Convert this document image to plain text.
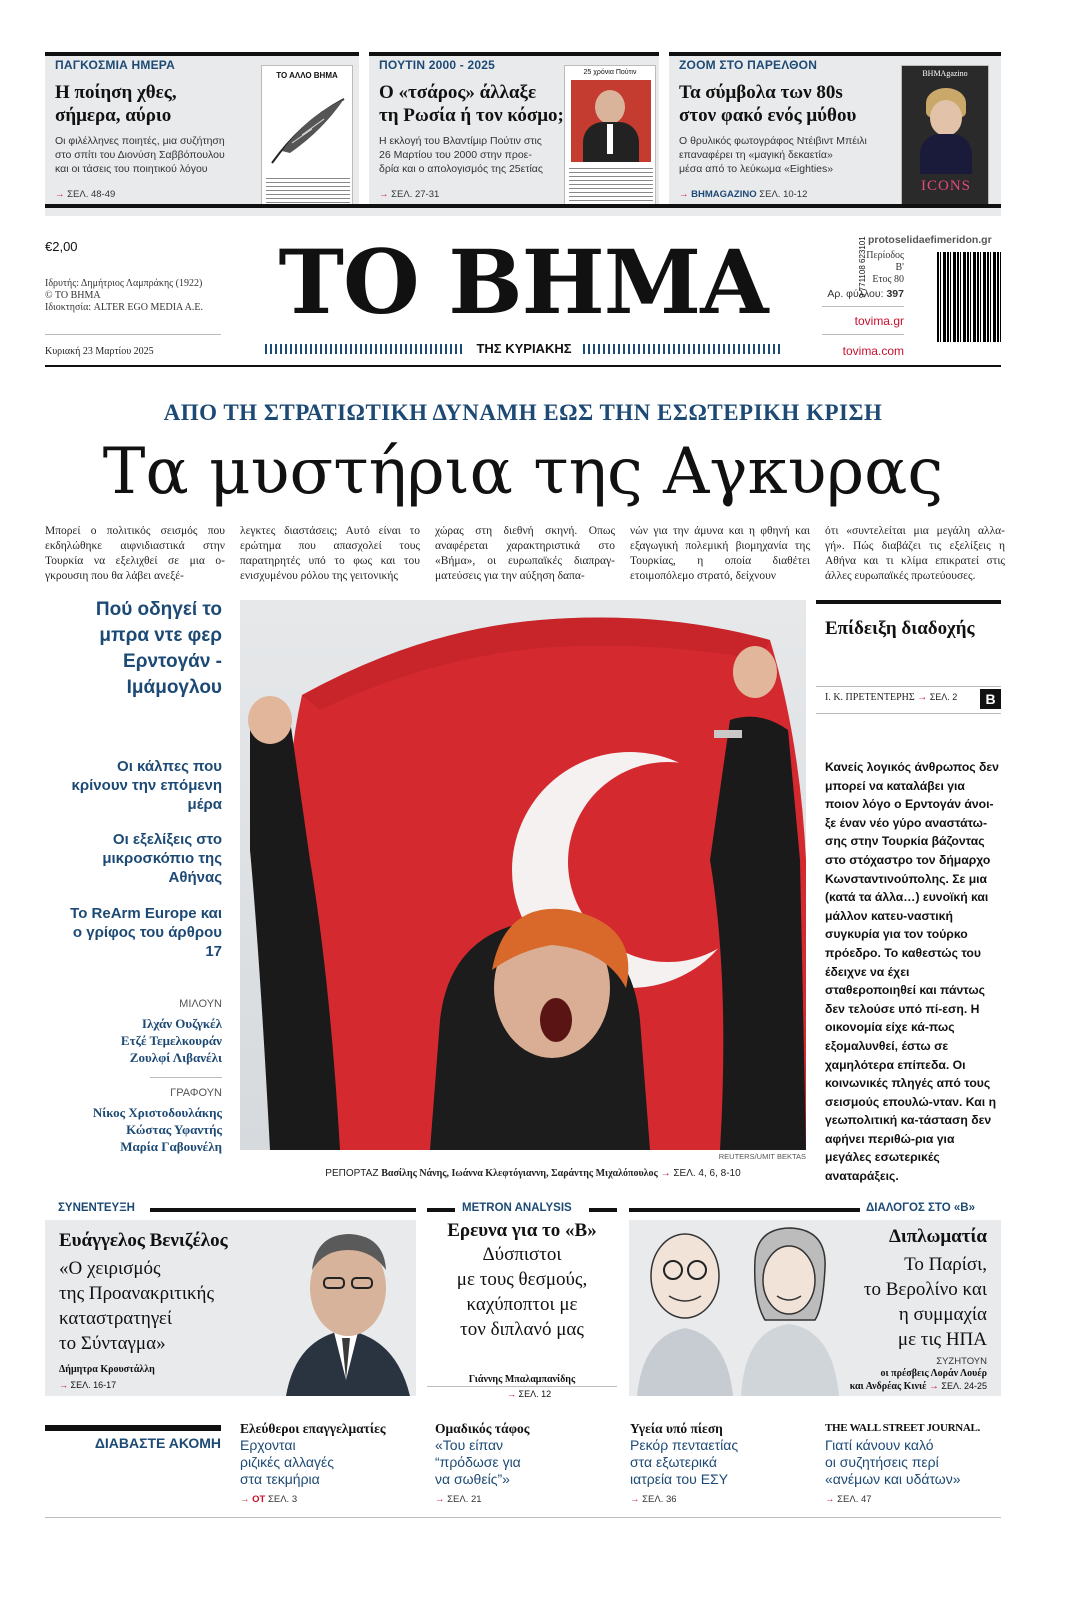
ΠΑΓΚΟΣΜΙΑ ΗΜΕΡΑ
Η ποίηση χθες,
σήμερα, αύριο
Οι φιλέλληνες ποιητές, μια συζήτηση
στο σπίτι του Διονύση Σαββόπουλου
και οι τάσεις του ποιητικού λόγου
→ ΣΕΛ. 48-49
ΤΟ ΑΛΛΟ ΒΗΜΑ
ΠΟΥΤΙΝ 2000 - 2025
Ο «τσάρος» άλλαξε
τη Ρωσία ή τον κόσμο;
Η εκλογή του Βλαντίμιρ Πούτιν στις
26 Μαρτίου του 2000 στην προε-
δρία και ο απολογισμός της 25ετίας
→ ΣΕΛ. 27-31
25 χρόνια Πούτιν
ΖΟΟΜ ΣΤΟ ΠΑΡΕΛΘΟΝ
Τα σύμβολα των 80s
στον φακό ενός μύθου
Ο θρυλικός φωτογράφος Ντέιβιντ Μπέιλι
επαναφέρει τη «μαγική δεκαετία»
μέσα από το λεύκωμα «Eighties»
→ ΒΗΜΑGAZINO ΣΕΛ. 10-12
ΒΗΜΑgazino
ICONS
€2,00
Ιδρυτής: Δημήτριος Λαμπράκης (1922)
© ΤΟ ΒΗΜΑ
Ιδιοκτησία: ALTER EGO MEDIA A.E.
Κυριακή 23 Μαρτίου 2025
ΤΟ ΒΗΜΑ
ΤΗΣ ΚΥΡΙΑΚΗΣ
protoselidaefimeridon.gr
Περίοδος Β'
Ετος 80
Αρ. φύλλου: 397
tovima.gr
tovima.com
9 771108 623101
ΑΠΟ ΤΗ ΣΤΡΑΤΙΩΤΙΚΗ ΔΥΝΑΜΗ ΕΩΣ ΤΗΝ ΕΣΩΤΕΡΙΚΗ ΚΡΙΣΗ
Τα μυστήρια της Αγκυρας
Μπορεί ο πολιτικός σεισμός που εκδηλώθηκε αιφνιδιαστικά στην Τουρκία να εξελιχθεί σε μια ο-γκρουσιη που θα λάβει ανεξέ-
λεγκτες διαστάσεις; Αυτό είναι το ερώτημα που απασχολεί τους παρατηρητές υπό το φως και του ενισχυμένου ρόλου της γειτονικής
χώρας στη διεθνή σκηνή. Οπως αναφέρεται χαρακτηριστικά στο «Βήμα», οι ευρωπαϊκές διαπραγ-ματεύσεις για την αύξηση δαπα-
νών για την άμυνα και η φθηνή και εξαγωγική πολεμική βιομηχανία της Τουρκίας, η οποία διαθέτει ετοιμοπόλεμο στρατό, δείχνουν
ότι «συντελείται μια μεγάλη αλλα-γή». Πώς διαβάζει τις εξελίξεις η Αθήνα και τι κλίμα επικρατεί στις άλλες ευρωπαϊκές πρωτεύουσες.
Πού οδηγεί το μπρα ντε φερ Ερντογάν - Ιμάμογλου
Οι κάλπες που κρίνουν την επόμενη μέρα
Οι εξελίξεις στο μικροσκόπιο της Αθήνας
Το ReArm Europe και ο γρίφος του άρθρου 17
ΜΙΛΟΥΝ
Ιλχάν Ουζγκέλ
Ετζέ Τεμελκουράν
Ζουλφί Λιβανέλι
ΓΡΑΦΟΥΝ
Νίκος Χριστοδουλάκης
Κώστας Υφαντής
Μαρία Γαβουνέλη
REUTERS/UMIT BEKTAS
ΡΕΠΟΡΤΑΖ Βασίλης Νάνης, Ιωάννα Κλεφτόγιαννη, Σαράντης Μιχαλόπουλος → ΣΕΛ. 4, 6, 8-10
Επίδειξη διαδοχής
Ι. Κ. ΠΡΕΤΕΝΤΕΡΗΣ → ΣΕΛ. 2	B
Κανείς λογικός άνθρωπος δεν μπορεί να καταλάβει για ποιον λόγο ο Ερντογάν άνοι-ξε έναν νέο γύρο αναστάτω-σης στην Τουρκία βάζοντας στο στόχαστρο τον δήμαρχο Κωνσταντινούπολης. Σε μια (κατά τα άλλα…) ευνοϊκή και μάλλον κατευ-ναστική συγκυρία για τον τούρκο πρόεδρο. Το καθεστώς του έδειχνε να έχει σταθεροποιηθεί και πάντως δεν τελούσε υπό πί-εση. Η οικονομία είχε κά-πως εξομαλυνθεί, έστω σε χαμηλότερα επίπεδα. Οι κοινωνικές πληγές από τους σεισμούς επουλώ-νταν. Και η γεωπολιτική κα-τάσταση δεν αφήνει περιθώ-ρια για μεγάλες εσωτερικές αναταράξεις.
ΣΥΝΕΝΤΕΥΞΗ
Ευάγγελος Βενιζέλος
«Ο χειρισμός
της Προανακριτικής
καταστρατηγεί
το Σύνταγμα»
Δήμητρα Κρουστάλλη
→ ΣΕΛ. 16-17
METRON ANALYSIS
Ερευνα για το «Β»
Δύσπιστοι
με τους θεσμούς,
καχύποπτοι με
τον διπλανό μας
Γιάννης Μπαλαμπανίδης
→ ΣΕΛ. 12
ΔΙΑΛΟΓΟΣ ΣΤΟ «Β»
Διπλωματία
Το Παρίσι,
το Βερολίνο και
η συμμαχία
με τις ΗΠΑ
ΣΥΖΗΤΟΥΝ
οι πρέσβεις Λοράν Λουέρ
και Ανδρέας Κινιέ → ΣΕΛ. 24-25
ΔΙΑΒΑΣΤΕ ΑΚΟΜΗ
Ελεύθεροι επαγγελματίες
Ερχονται
ριζικές αλλαγές
στα τεκμήρια
→ ΟΤ ΣΕΛ. 3
Ομαδικός τάφος
«Του είπαν
“πρόδωσε για
να σωθείς”»
→ ΣΕΛ. 21
Υγεία υπό πίεση
Ρεκόρ πενταετίας
στα εξωτερικά
ιατρεία του ΕΣΥ
→ ΣΕΛ. 36
THE WALL STREET JOURNAL.
Γιατί κάνουν καλό
οι συζητήσεις περί
«ανέμων και υδάτων»
→ ΣΕΛ. 47
